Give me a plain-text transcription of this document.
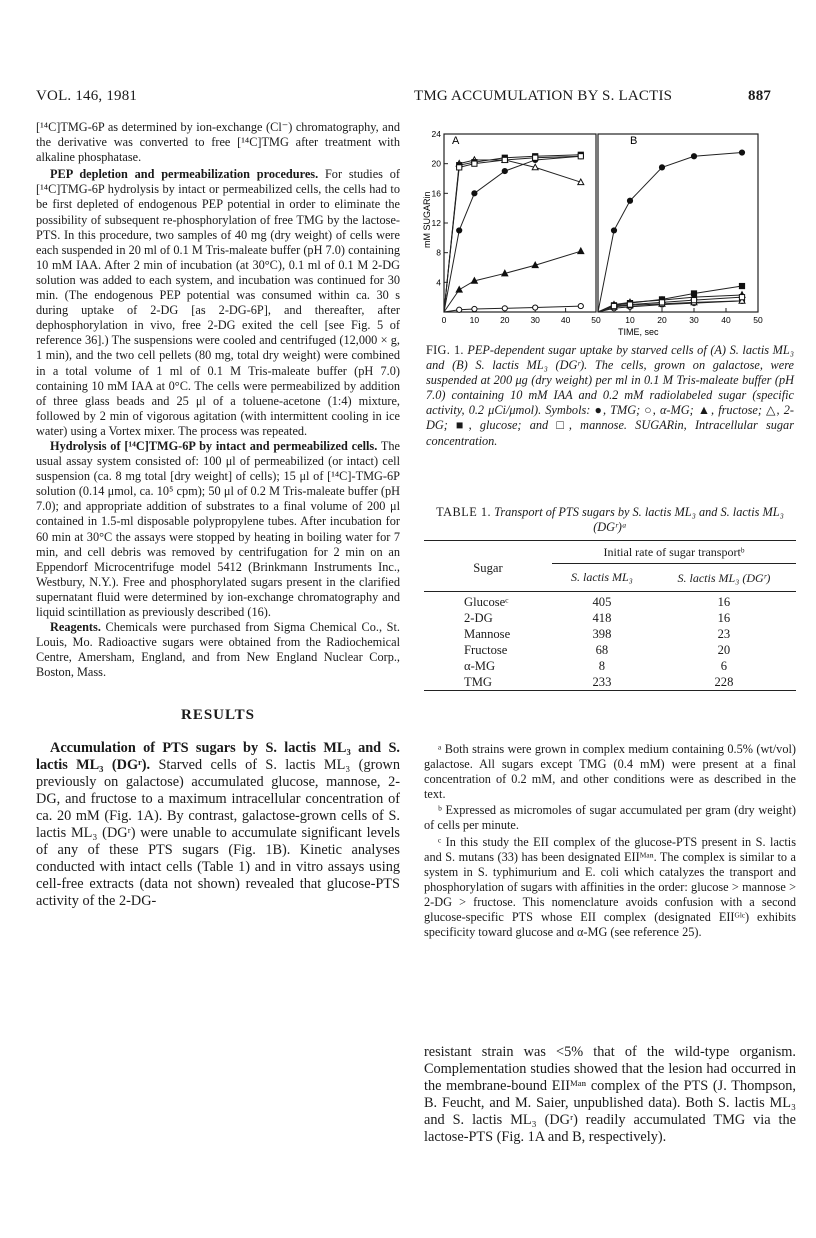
VOL. 146, 1981	TMG ACCUMULATION BY S. LACTIS	887

[¹⁴C]TMG-6P as determined by ion-exchange (Cl⁻) chromatography, and the derivative was converted to free [¹⁴C]TMG after treatment with alkaline phosphatase.

PEP depletion and permeabilization procedures. For studies of [¹⁴C]TMG-6P hydrolysis by intact or permeabilized cells, the cells had to be first depleted of endogenous PEP potential in order to eliminate the possibility of subsequent re-phosphorylation of free TMG by the lactose-PTS. In this procedure, two samples of 40 mg (dry weight) of cells were each suspended in 20 ml of 0.1 M Tris-maleate buffer (pH 7.0) containing 10 mM IAA. After 2 min of incubation (at 30°C), 0.1 ml of 0.1 M 2-DG solution was added to each system, and incubation was continued for 30 min. (The endogenous PEP potential was consumed within ca. 30 s during uptake of 2-DG [as 2-DG-6P], and thereafter, after dephosphorylation in vivo, free 2-DG exited the cell [see Fig. 5 of reference 36].) The suspensions were cooled and centrifuged (12,000 × g, 1 min), and the two cell pellets (80 mg, total dry weight) were combined in a total volume of 1 ml of 0.1 M Tris-maleate buffer (pH 7.0) containing 10 mM IAA at 0°C. The cells were permeabilized by addition of three glass beads and 25 μl of a toluene-acetone (1:4) mixture, followed by 2 min of vigorous agitation (with intermittent cooling in ice water) using a Vortex mixer. The process was repeated.

Hydrolysis of [¹⁴C]TMG-6P by intact and permeabilized cells. The usual assay system consisted of: 100 μl of permeabilized (or intact) cell suspension (ca. 8 mg total [dry weight] of cells); 15 μl of [¹⁴C]-TMG-6P solution (0.14 μmol, ca. 10⁵ cpm); 50 μl of 0.2 M Tris-maleate buffer (pH 7.0); and appropriate addition of substrates to a final volume of 200 μl contained in 1.5-ml disposable polypropylene tubes. After incubation for 60 min at 30°C the assays were stopped by heating in boiling water for 7 min, and cell debris was removed by centrifugation for 2 min on an Eppendorf Microcentrifuge model 5412 (Brinkmann Instruments Inc., Westbury, N.Y.). Free and phosphorylated sugars present in the clarified supernatant fluid were determined by ion-exchange chromatography and liquid scintillation as previously described (16).

Reagents. Chemicals were purchased from Sigma Chemical Co., St. Louis, Mo. Radioactive sugars were obtained from the Radiochemical Centre, Amersham, England, and from New England Nuclear Corp., Boston, Mass.

RESULTS

Accumulation of PTS sugars by S. lactis ML₃ and S. lactis ML₃ (DGʳ). Starved cells of S. lactis ML₃ (grown previously on galactose) accumulated glucose, mannose, 2-DG, and fructose to a maximum intracellular concentration of ca. 20 mM (Fig. 1A). By contrast, galactose-grown cells of S. lactis ML₃ (DGʳ) were unable to accumulate significant levels of any of these PTS sugars (Fig. 1B). Kinetic analyses conducted with intact cells (Table 1) and in vitro assays using cell-free extracts (data not shown) revealed that glucose-PTS activity of the 2-DG-

4
8
12
16
20
24
0	10 20 30 40 50	10	20	30	40	50
A	B
mM SUGARin
TIME, sec
FIG. 1. PEP-dependent sugar uptake by starved cells of (A) S. lactis ML₃ and (B) S. lactis ML₃ (DGʳ). The cells, grown on galactose, were suspended at 200 μg (dry weight) per ml in 0.1 M Tris-maleate buffer (pH 7.0) containing 10 mM IAA and 0.2 mM radiolabeled sugar (specific activity, 0.2 μCi/μmol). Symbols: ●, TMG; ○, α-MG; ▲, fructose; △, 2-DG; ■, glucose; and □, mannose. SUGARin, Intracellular sugar concentration.
TABLE 1. Transport of PTS sugars by S. lactis ML₃ and S. lactis ML₃ (DGʳ)ᵃ

Sugar	Initial rate of sugar transportᵇ	
	S. lactis ML₃	S. lactis ML₃ (DGʳ)

Glucoseᶜ	405	16
2-DG	418	16
Mannose	398	23
Fructose	68	20
α-MG	8	6
TMG	233	228

ᵃ Both strains were grown in complex medium containing 0.5% (wt/vol) galactose. All sugars except TMG (0.4 mM) were present at a final concentration of 0.2 mM, and other conditions were as described in the text.

ᵇ Expressed as micromoles of sugar accumulated per gram (dry weight) of cells per minute.

ᶜ In this study the EII complex of the glucose-PTS present in S. lactis and S. mutans (33) has been designated EIIᴹᵃⁿ. The complex is similar to a system in S. typhimurium and E. coli which catalyzes the transport and phosphorylation of sugars with affinities in the order: glucose > mannose > 2-DG > fructose. This nomenclature avoids confusion with a second glucose-specific PTS whose EII complex (designated EIIᴳˡᶜ) exhibits specificity toward glucose and α-MG (see reference 25).

resistant strain was <5% that of the wild-type organism. Complementation studies showed that the lesion had occurred in the membrane-bound EIIᴹᵃⁿ complex of the PTS (J. Thompson, B. Feucht, and M. Saier, unpublished data). Both S. lactis ML₃ and S. lactis ML₃ (DGʳ) readily accumulated TMG via the lactose-PTS (Fig. 1A and B, respectively).
